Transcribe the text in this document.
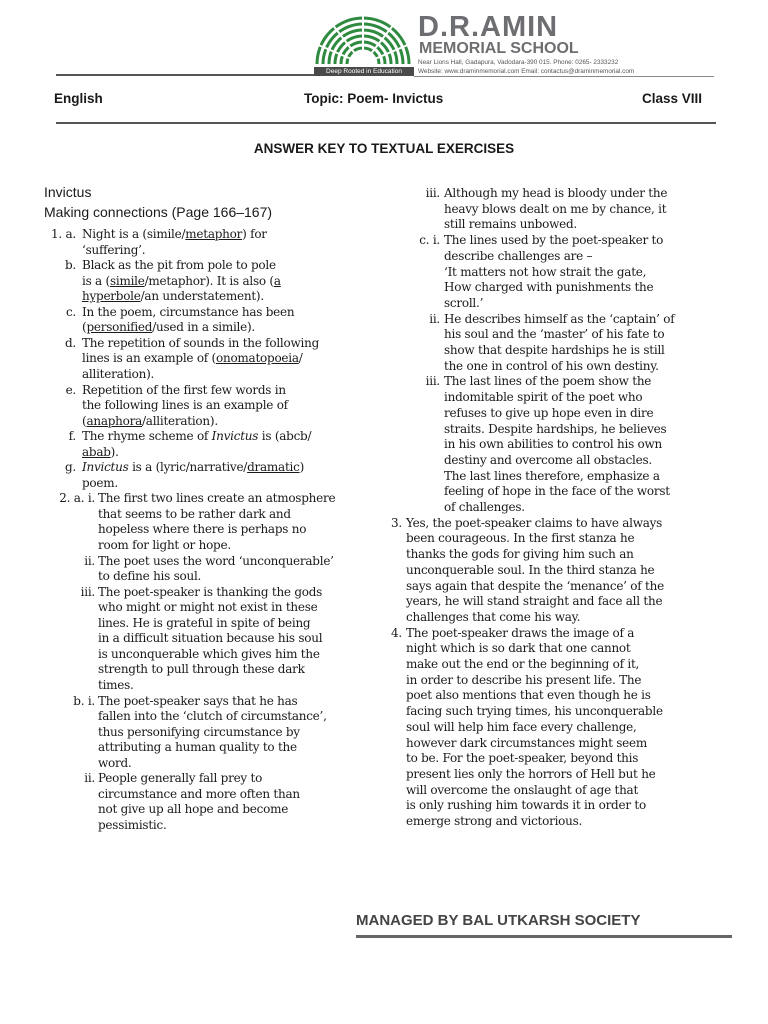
Deep Rooted in Education
D.R.AMIN
MEMORIAL SCHOOL
Near Lions Hall, Gadapura, Vadodara-390 015. Phone: 0265- 2333232
Website: www.draminmemorial.com Email: contactus@draminmemorial.com
English	Topic: Poem- Invictus	Class VIII
ANSWER KEY TO TEXTUAL EXERCISES
Invictus
Making connections (Page 166–167)
1. a. Night is a (simile/metaphor) for
‘suffering’.
b. Black as the pit from pole to pole
is a (simile/metaphor). It is also (a
hyperbole/an understatement).
c. In the poem, circumstance has been
(personified/used in a simile).
d. The repetition of sounds in the following
lines is an example of (onomatopoeia/
alliteration).
e. Repetition of the first few words in
the following lines is an example of
(anaphora/alliteration).
f. The rhyme scheme of Invictus is (abcb/
abab).
g. Invictus is a (lyric/narrative/dramatic)
poem.
2. a. i. The first two lines create an atmosphere
that seems to be rather dark and
hopeless where there is perhaps no
room for light or hope.
ii. The poet uses the word ‘unconquerable’
to define his soul.
iii. The poet-speaker is thanking the gods
who might or might not exist in these
lines. He is grateful in spite of being
in a difficult situation because his soul
is unconquerable which gives him the
strength to pull through these dark
times.
b. i. The poet-speaker says that he has
fallen into the ‘clutch of circumstance’,
thus personifying circumstance by
attributing a human quality to the
word.
ii. People generally fall prey to
circumstance and more often than
not give up all hope and become
pessimistic.
iii. Although my head is bloody under the
heavy blows dealt on me by chance, it
still remains unbowed.
c. i. The lines used by the poet-speaker to
describe challenges are –
‘It matters not how strait the gate,
How charged with punishments the
scroll.’
ii. He describes himself as the ‘captain’ of
his soul and the ‘master’ of his fate to
show that despite hardships he is still
the one in control of his own destiny.
iii. The last lines of the poem show the
indomitable spirit of the poet who
refuses to give up hope even in dire
straits. Despite hardships, he believes
in his own abilities to control his own
destiny and overcome all obstacles.
The last lines therefore, emphasize a
feeling of hope in the face of the worst
of challenges.
3. Yes, the poet-speaker claims to have always
been courageous. In the first stanza he
thanks the gods for giving him such an
unconquerable soul. In the third stanza he
says again that despite the ‘menance’ of the
years, he will stand straight and face all the
challenges that come his way.
4. The poet-speaker draws the image of a
night which is so dark that one cannot
make out the end or the beginning of it,
in order to describe his present life. The
poet also mentions that even though he is
facing such trying times, his unconquerable
soul will help him face every challenge,
however dark circumstances might seem
to be. For the poet-speaker, beyond this
present lies only the horrors of Hell but he
will overcome the onslaught of age that
is only rushing him towards it in order to
emerge strong and victorious.
MANAGED BY BAL UTKARSH SOCIETY
